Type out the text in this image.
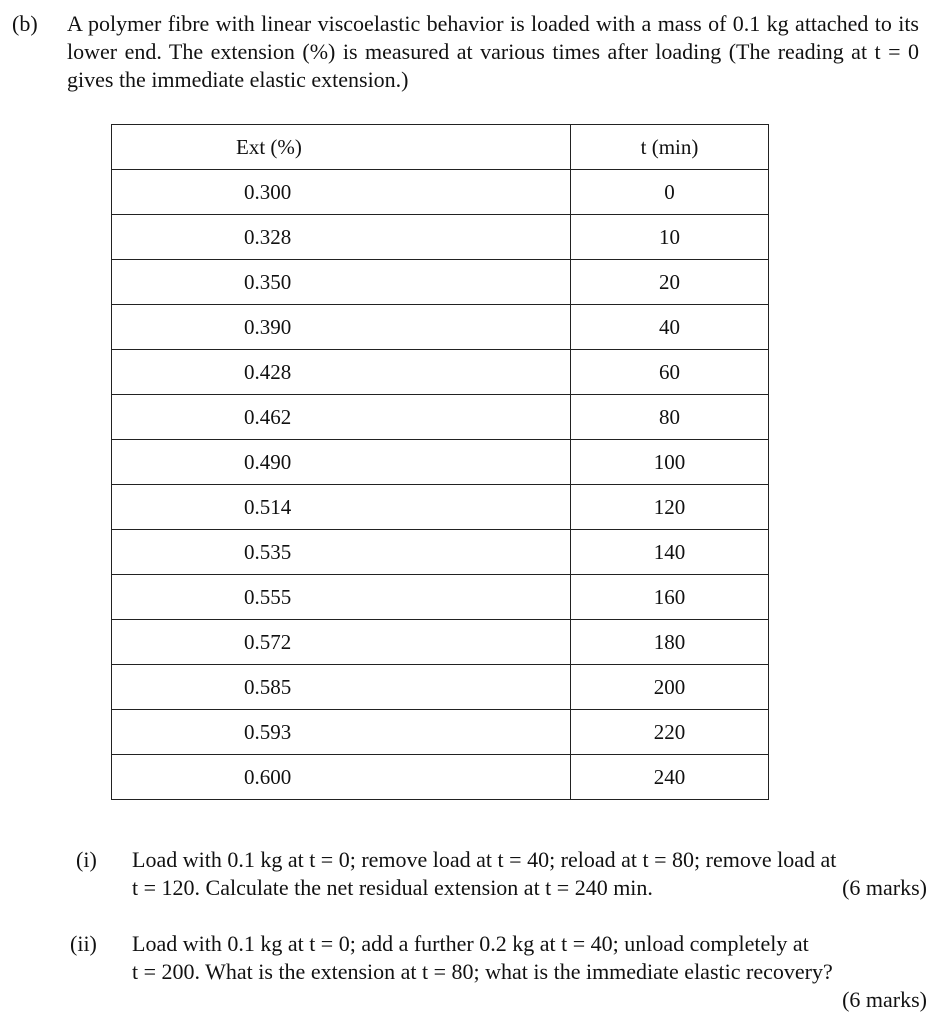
(b) A polymer fibre with linear viscoelastic behavior is loaded with a mass of 0.1 kg attached to its lower end. The extension (%) is measured at various times after loading (The reading at t = 0 gives the immediate elastic extension.)
Ext (%)	t (min)
0.300	0
0.328	10
0.350	20
0.390	40
0.428	60
0.462	80
0.490	100
0.514	120
0.535	140
0.555	160
0.572	180
0.585	200
0.593	220
0.600	240
(i) Load with 0.1 kg at t = 0; remove load at t = 40; reload at t = 80; remove load at
t = 120. Calculate the net residual extension at t = 240 min.	(6 marks)
(ii) Load with 0.1 kg at t = 0; add a further 0.2 kg at t = 40; unload completely at
t = 200. What is the extension at t = 80; what is the immediate elastic recovery?
(6 marks)
